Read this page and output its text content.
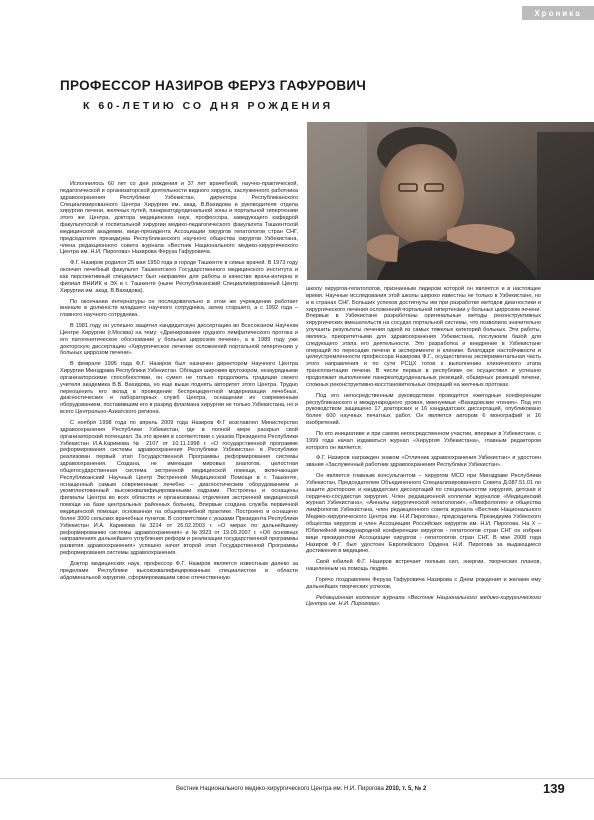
Хроника
ПРОФЕССОР НАЗИРОВ ФЕРУЗ ГАФУРОВИЧ
К 60-ЛЕТИЮ СО ДНЯ РОЖДЕНИЯ

Исполнилось 60 лет со дня рождения и 37 лет врачебной, научно-практической, педагогической и организаторской деятельности видного хирурга, заслуженного работника здравоохранения Республики Узбекистан, директора Республиканского Специализированного Центра Хирургии им. акад. В.Вахидова и руководителя отдела хирургии печени, желчных путей, панкреатодуоденальной зоны и портальной гипертензии этого же Центра, доктора медицинских наук, профессора, заведующего кафедрой факультетской и госпитальной хирургии медико-педагогического факультета Ташкентской медицинской академии, вице-президента Ассоциации хирургов гепатологов стран СНГ, председателя президиума Республиканского научного общества хирургов Узбекистана, члена редакционного совета журнала «Вестник Национального медико-хирургического Центра им. Н.И. Пирогова» Назирова Феруза Гафуровича.

Ф.Г. Назиров родился 25 мая 1950 года в городе Ташкенте в семье врачей. В 1973 году окончил лечебный факультет Ташкентского Государственного медицинского института и как перспективный специалист был направлен для работы в качестве врача-интерна в филиал ВНИИК и ЭХ в г. Ташкенте (ныне Республиканский Специализированный Центр Хирургии им. акад. В.Вахидова).

По окончании интернатуры он последовательно в этом же учреждении работает вначале в должности младшего научного сотрудника, затем старшего, а с 1992 года – главного научного сотрудника.

В 1981 году он успешно защитил кандидатскую диссертацию во Всесоюзном Научном Центре Хирургии (г.Москва) на тему: «Дренирование грудного лимфатического протока и его патогенетическое обоснование у больных циррозом печени», а в 1989 году уже докторскую диссертацию «Хирургическое лечение осложнений портальной гипертензии у больных циррозом печени».

В феврале 1995 года Ф.Г. Назиров был назначен директором Научного Центра Хирургии Минздрава Республики Узбекистан. Обладая широким кругозором, незаурядными организаторскими способностями, он сумел не только продолжить традиции своего учителя академика В.В. Вахидова, но еще выше поднять авторитет этого Центра. Трудно переоценить его вклад в проведение беспрецедентной модернизации лечебных, диагностических и лабораторных служб Центра, оснащении их современным оборудованием, поставившим его в разряд флагмана хирургии не только Узбекистана, но и всего Центрально-Азиатского региона.

С ноября 1998 года по апрель 2009 года Назиров Ф.Г возглавлял Министерство здравоохранения Республики Узбекистан, где в полной мере раскрыл свой организаторский потенциал. За это время в соответствии с указом Президента Республики Узбекистан И.А.Каримова № 2107 от 10.11.1998 г. «О государственной программе реформирования системы здравоохранения Республики Узбекистан» в Республике реализован первый этап Государственной Программы реформирования системы здравоохранения. Создана, не имеющая мировых аналогов, целостная общегосударственная система экстренной медицинской помощи, включающая Республиканский Научный Центр Экстренной Медицинской Помощи в г. Ташкенте, оснащенный самым современным лечебно – диагностическим оборудованием и укомплектованный высококвалифицированными кадрами. Построены и оснащены филиалы Центра во всех областях и организованы отделения экстренной медицинской помощи на базе центральных районных больниц. Впервые создана служба первичной медицинской помощи, основанная на общеврачебной практике. Построено и оснащено более 3000 сельских врачебных пунктов. В соответствии с указами Президента Республики Узбекистан И.А. Каримова №3214 от 26.02.2003 г. «О мерах по дальнейшему реформированию системы здравоохранения» и №3923 от 19.09.2007 г. «Об основных направлениях дальнейшего углубления реформ и реализации государственной программы развития здравоохранения» успешно начат второй этап Государственной Программы реформирования системы здравоохранения.

Доктор медицинских наук, профессор Ф.Г. Назиров является известным далеко за пределами Республики высококвалифицированным специалистом в области абдоминальной хирургии, сформировавшим свою отечественную

школу хирургов-гепатологов, признанным лидером которой он является и в настоящее время. Научные исследования этой школы широко известны не только в Узбекистане, но и в странах СНГ. Больших успехов достигнуты им при разработке методов диагностики и хирургического лечения осложнений портальной гипертензии у больных циррозом печени. Впервые в Узбекистане разработаны оригинальные методы реконструктивных хирургических вмешательств на сосудах портальной системы, что позволило значительно улучшить результаты лечения одной из самых тяжелых категорий больных. Эти работы, являясь приоритетными для здравоохранения Узбекистана, послужили базой для следующего этапа его деятельности. Это разработка и внедрение в Узбекистане операций по пересадке печени в эксперименте и клинике. Благодаря настойчивости и целеустремленности профессора Назирова Ф.Г., осуществлена экспериментальная часть этого направления и по сути РСЦХ готов к выполнению клинического этапа трансплантации печени. В числе первых в республике он осуществил и успешно продолжает выполнение панкреатодуоденальных резекций, обширных резекций печени, сложных реконструктивно-восстановительных операций на желчных протоках.

Под его непосредственным руководством проводятся ежегодные конференции республиканского и международного уровня, именуемые «Вахидовские чтения». Под его руководством защищено 17 докторских и 16 кандидатских диссертаций, опубликовано более 600 научных печатных работ. Он является автором 6 монографий и 16 изобретений.

По его инициативе и при самом непосредственном участии, впервые в Узбекистане, с 1999 года начал издаваться журнал «Хирургия Узбекистана», главным редактором которого он является.

Ф.Г. Назиров награжден знаком «Отличник здравоохранения Узбекистан» и удостоен звания «Заслуженный работник здравоохранения Республики Узбекистан».

Он является главным консультантом – хирургом МСО при Минздраве Республики Узбекистан, Председателем Объединенного Специализированного Совета Д.087.51.01 по защите докторских и кандидатских диссертаций по специальностям хирургия, детская и сердечно-сосудистая хирургия. Член редакционной коллегии журналов «Медицинский журнал Узбекистана», «Анналы хирургической гепатологии», «Лимфология» и общества лимфологов Узбекистана, член редакционного совета журнала «Вестник Национального Медико-хирургического Центра им. Н.И.Пирогова», председатель Президиума Узбекского общества хирургов и член Ассоциации Российских хирургов им. Н.И. Пирогова. На X – Юбилейной международной конференции хирургов - гепатологов стран СНГ он избран вице президентом Ассоциации хирургов - гепатологов стран СНГ. В мае 2008 года Назиров Ф.Г. был удостоен Европейского Ордена Н.И. Пирогова за выдающиеся достижения в медицине.

Свой юбилей Ф.Г. Назиров встречает полным сил, энергии, творческих планов, нацеленным на помощь людям.

Горячо поздравляем Феруза Гафуровича Назирова с Днем рождения и желаем ему дальнейших творческих успехов.

Редакционная коллегия журнала «Вестник Национального медико-хирургического Центра им. Н.И. Пирогова».

Вестник Национального медико-хирургического Центра им. Н.И. Пирогова 2010, т. 5, № 2	139
